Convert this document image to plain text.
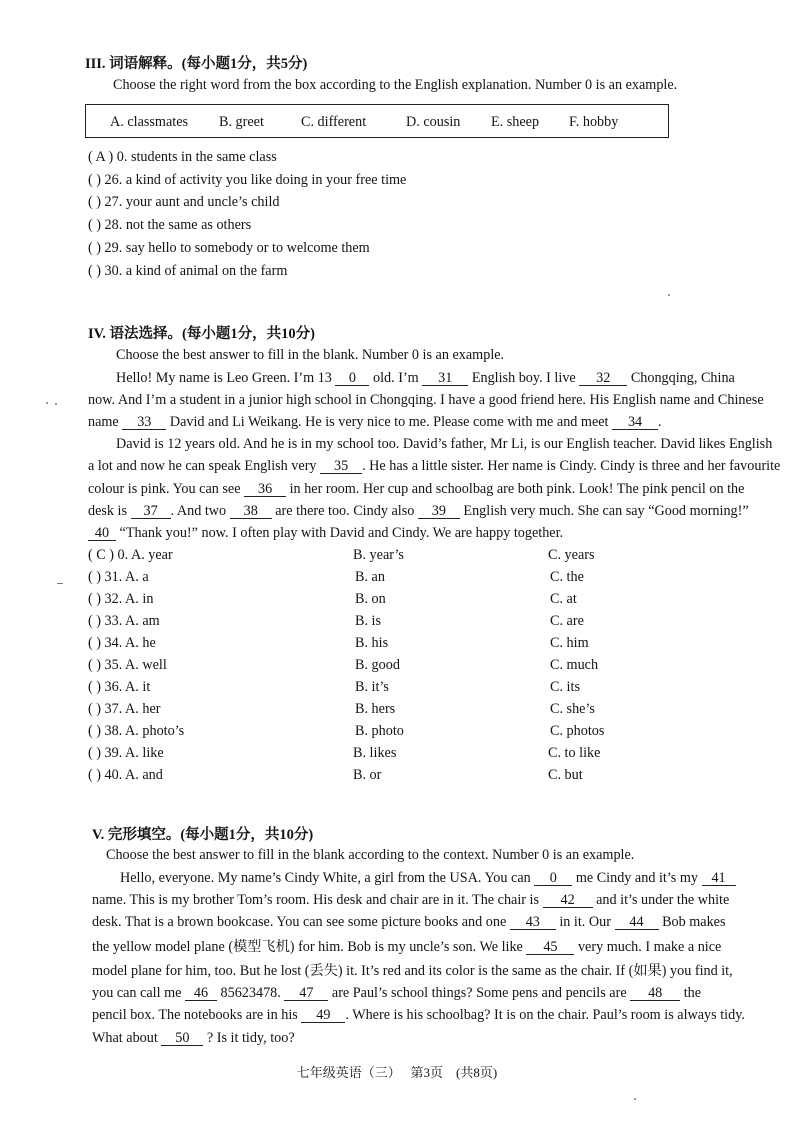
III. 词语解释。(每小题1分，共5分)
Choose the right word from the box according to the English explanation. Number 0 is an example.
A. classmates B. greet	C. different	D. cousin E. sheep F. hobby
( A ) 0. students in the same class
( ) 26. a kind of activity you like doing in your free time
( ) 27. your aunt and uncle’s child
( ) 28. not the same as others
( ) 29. say hello to somebody or to welcome them
( ) 30. a kind of animal on the farm
IV. 语法选择。(每小题1分，共10分)
Choose the best answer to fill in the blank. Number 0 is an example.
Hello! My name is Leo Green. I’m 13 0 old. I’m 31 English boy. I live 32 Chongqing, China
now. And I’m a student in a junior high school in Chongqing. I have a good friend here. His English name and Chinese
name 33 David and Li Weikang. He is very nice to me. Please come with me and meet 34 .
David is 12 years old. And he is in my school too. David’s father, Mr Li, is our English teacher. David likes English
a lot and now he can speak English very 35 . He has a little sister. Her name is Cindy. Cindy is three and her favourite
colour is pink. You can see 36 in her room. Her cup and schoolbag are both pink. Look! The pink pencil on the
desk is 37 . And two 38 are there too. Cindy also 39 English very much. She can say “Good morning!”
40 “Thank you!” now. I often play with David and Cindy. We are happy together.
( C ) 0. A. year	B. year’s	C. years
( ) 31. A. a	B. an	C. the
( ) 32. A. in	B. on	C. at
( ) 33. A. am	B. is	C. are
( ) 34. A. he	B. his	C. him
( ) 35. A. well	B. good	C. much
( ) 36. A. it	B. it’s	C. its
( ) 37. A. her	B. hers	C. she’s
( ) 38. A. photo’s	B. photo	C. photos
( ) 39. A. like	B. likes	C. to like
( ) 40. A. and	B. or	C. but
V. 完形填空。(每小题1分，共10分)
Choose the best answer to fill in the blank according to the context. Number 0 is an example.
Hello, everyone. My name’s Cindy White, a girl from the USA. You can 0 me Cindy and it’s my 41
name. This is my brother Tom’s room. His desk and chair are in it. The chair is 42 and it’s under the white
desk. That is a brown bookcase. You can see some picture books and one 43 in it. Our 44 Bob makes
the yellow model plane (模型飞机) for him. Bob is my uncle’s son. We like 45 very much. I make a nice
model plane for him, too. But he lost (丢失) it. It’s red and its color is the same as the chair. If (如果) you find it,
you can call me 46 85623478. 47 are Paul’s school things? Some pens and pencils are 48 the
pencil box. The notebooks are in his 49 . Where is his schoolbag? It is on the chair. Paul’s room is always tidy.
What about 50 ? Is it tidy, too?
七年级英语（三）   第3页    (共8页)
